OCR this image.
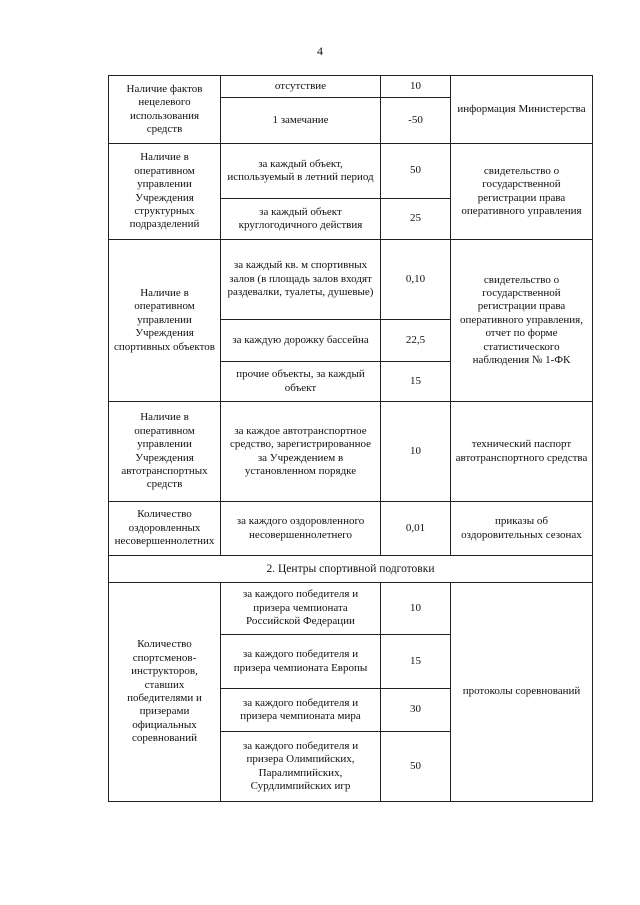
4
Наличие фактов нецелевого использования средств	отсутствие	10	информация Министерства
	1 замечание	-50	
Наличие в оперативном управлении Учреждения структурных подразделений	за каждый объект, используемый в летний период	50	свидетельство о государственной регистрации права оперативного управления
	за каждый объект круглогодичного действия	25	
Наличие в оперативном управлении Учреждения спортивных объектов	за каждый кв. м спортивных залов (в площадь залов входят раздевалки, туалеты, душевые)	0,10	свидетельство о государственной регистрации права оперативного управления, отчет по форме статистического наблюдения № 1-ФК
	за каждую дорожку бассейна	22,5	
	прочие объекты, за каждый объект	15	
Наличие в оперативном управлении Учреждения автотранспортных средств	за каждое автотранспортное средство, зарегистрированное за Учреждением в установленном порядке	10	технический паспорт автотранспортного средства
Количество оздоровленных несовершеннолетних	за каждого оздоровленного несовершеннолетнего	0,01	приказы об оздоровительных сезонах
2. Центры спортивной подготовки			
Количество спортсменов-инструкторов, ставших победителями и призерами официальных соревнований	за каждого победителя и призера чемпионата Российской Федерации	10	протоколы соревнований
	за каждого победителя и призера чемпионата Европы	15	
	за каждого победителя и призера чемпионата мира	30	
	за каждого победителя и призера Олимпийских, Паралимпийских, Сурдлимпийских игр	50	
